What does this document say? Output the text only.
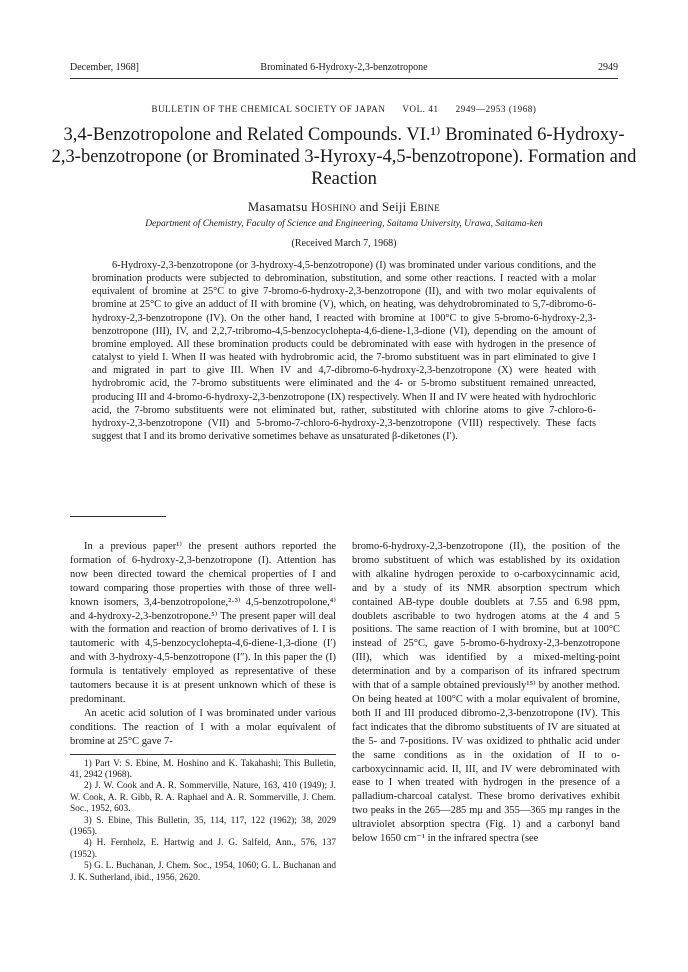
December, 1968]	Brominated 6-Hydroxy-2,3-benzotropone	2949
BULLETIN OF THE CHEMICAL SOCIETY OF JAPAN      VOL. 41      2949—2953 (1968)
3,4-Benzotropolone and Related Compounds. VI.¹⁾ Brominated 6-Hydroxy-2,3-benzotropone (or Brominated 3-Hyroxy-4,5-benzotropone). Formation and Reaction
Masamatsu Hoshino and Seiji Ebine
Department of Chemistry, Faculty of Science and Engineering, Saitama University, Urawa, Saitama-ken
(Received March 7, 1968)

6-Hydroxy-2,3-benzotropone (or 3-hydroxy-4,5-benzotropone) (I) was brominated under various conditions, and the bromination products were subjected to debromination, substitution, and some other reactions. I reacted with a molar equivalent of bromine at 25°C to give 7-bromo-6-hydroxy-2,3-benzotropone (II), and with two molar equivalents of bromine at 25°C to give an adduct of II with bromine (V), which, on heating, was dehydrobrominated to 5,7-dibromo-6-hydroxy-2,3-benzotropone (IV). On the other hand, I reacted with bromine at 100°C to give 5-bromo-6-hydroxy-2,3-benzotropone (III), IV, and 2,2,7-tribromo-4,5-benzocyclohepta-4,6-diene-1,3-dione (VI), depending on the amount of bromine employed. All these bromination products could be debrominated with ease with hydrogen in the presence of catalyst to yield I. When II was heated with hydrobromic acid, the 7-bromo substituent was in part eliminated to give I and migrated in part to give III. When IV and 4,7-dibromo-6-hydroxy-2,3-benzotropone (X) were heated with hydrobromic acid, the 7-bromo substituents were eliminated and the 4- or 5-bromo substituent remained unreacted, producing III and 4-bromo-6-hydroxy-2,3-benzotropone (IX) respectively. When II and IV were heated with hydrochloric acid, the 7-bromo substituents were not eliminated but, rather, substituted with chlorine atoms to give 7-chloro-6-hydroxy-2,3-benzotropone (VII) and 5-bromo-7-chloro-6-hydroxy-2,3-benzotropone (VIII) respectively. These facts suggest that I and its bromo derivative sometimes behave as unsaturated β-diketones (I′).

In a previous paper¹⁾ the present authors reported the formation of 6-hydroxy-2,3-benzotropone (I). Attention has now been directed toward the chemical properties of I and toward comparing those properties with those of three well-known isomers, 3,4-benzotropolone,²·³⁾ 4,5-benzotropolone,⁴⁾ and 4-hydroxy-2,3-benzotropone.⁵⁾ The present paper will deal with the formation and reaction of bromo derivatives of I. I is tautomeric with 4,5-benzocyclohepta-4,6-diene-1,3-dione (I′) and with 3-hydroxy-4,5-benzotropone (I″). In this paper the (I) formula is tentatively employed as representative of these tautomers because it is at present unknown which of these is predominant.

An acetic acid solution of I was brominated under various conditions. The reaction of I with a molar equivalent of bromine at 25°C gave 7-

1) Part V: S. Ebine, M. Hoshino and K. Takahashi; This Bulletin, 41, 2942 (1968).

2) J. W. Cook and A. R. Sommerville, Nature, 163, 410 (1949); J. W. Cook, A. R. Gibb, R. A. Raphael and A. R. Sommerville, J. Chem. Soc., 1952, 603.

3) S. Ebine, This Bulletin, 35, 114, 117, 122 (1962); 38, 2029 (1965).

4) H. Fernholz, E. Hartwig and J. G. Salfeld, Ann., 576, 137 (1952).

5) G. L. Buchanan, J. Chem. Soc., 1954, 1060; G. L. Buchanan and J. K. Sutherland, ibid., 1956, 2620.

bromo-6-hydroxy-2,3-benzotropone (II), the position of the bromo substituent of which was established by its oxidation with alkaline hydrogen peroxide to o-carboxycinnamic acid, and by a study of its NMR absorption spectrum which contained AB-type double doublets at 7.55 and 6.98 ppm, doublets ascribable to two hydrogen atoms at the 4 and 5 positions. The same reaction of I with bromine, but at 100°C instead of 25°C, gave 5-bromo-6-hydroxy-2,3-benzotropone (III), which was identified by a mixed-melting-point determination and by a comparison of its infrared spectrum with that of a sample obtained previously¹⁵⁾ by another method. On being heated at 100°C with a molar equivalent of bromine, both II and III produced dibromo-2,3-benzotropone (IV). This fact indicates that the dibromo substituents of IV are situated at the 5- and 7-positions. IV was oxidized to phthalic acid under the same conditions as in the oxidation of II to o-carboxycinnamic acid. II, III, and IV were debrominated with ease to I when treated with hydrogen in the presence of a palladium-charcoal catalyst. These bromo derivatives exhibit two peaks in the 265—285 mμ and 355—365 mμ ranges in the ultraviolet absorption spectra (Fig. 1) and a carbonyl band below 1650 cm⁻¹ in the infrared spectra (see
